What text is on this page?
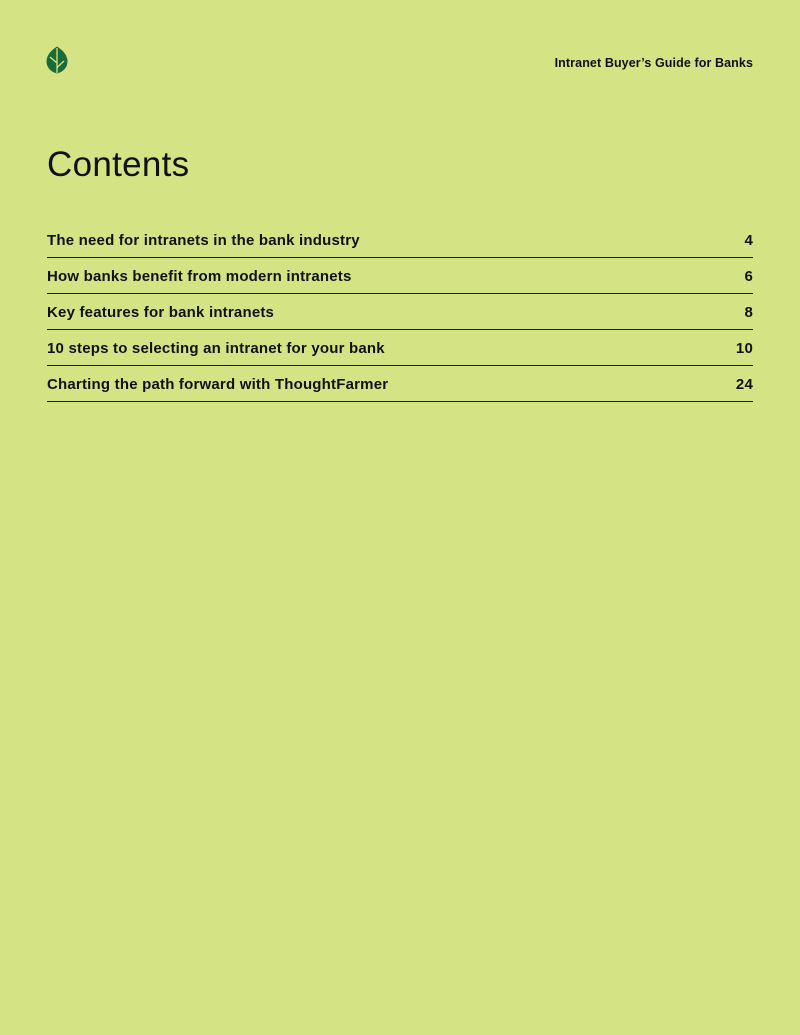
Intranet Buyer’s Guide for Banks
Contents
The need for intranets in the bank industry	4
How banks benefit from modern intranets	6
Key features for bank intranets	8
10 steps to selecting an intranet for your bank	10
Charting the path forward with ThoughtFarmer	24
